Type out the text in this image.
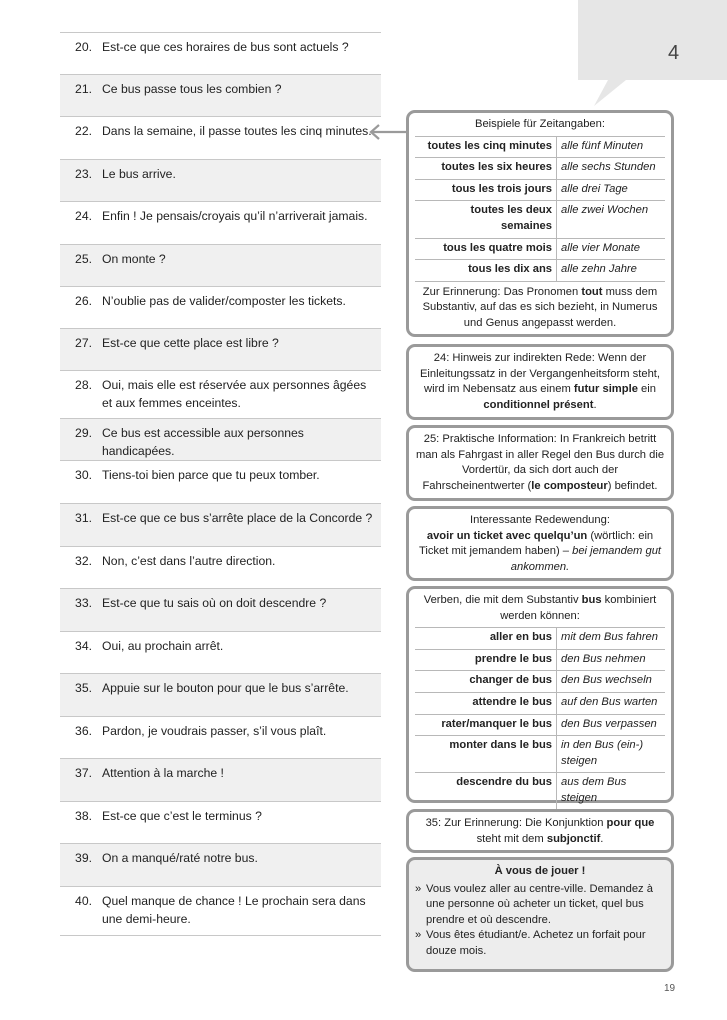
4
20. Est-ce que ces horaires de bus sont actuels ?
21. Ce bus passe tous les combien ?
22. Dans la semaine, il passe toutes les cinq minutes.
23. Le bus arrive.
24. Enfin ! Je pensais/croyais qu’il n’arriverait jamais.
25. On monte ?
26. N’oublie pas de valider/composter les tickets.
27. Est-ce que cette place est libre ?
28. Oui, mais elle est réservée aux personnes âgées et aux femmes enceintes.
29. Ce bus est accessible aux personnes handicapées.
30. Tiens-toi bien parce que tu peux tomber.
31. Est-ce que ce bus s’arrête place de la Concorde ?
32. Non, c’est dans l’autre direction.
33. Est-ce que tu sais où on doit descendre ?
34. Oui, au prochain arrêt.
35. Appuie sur le bouton pour que le bus s’arrête.
36. Pardon, je voudrais passer, s’il vous plaît.
37. Attention à la marche !
38. Est-ce que c’est le terminus ?
39. On a manqué/raté notre bus.
40. Quel manque de chance ! Le prochain sera dans une demi-heure.
Beispiele für Zeitangaben:
toutes les cinq minutes	alle fünf Minuten
toutes les six heures	alle sechs Stunden
tous les trois jours	alle drei Tage
toutes les deux semaines	alle zwei Wochen
tous les quatre mois	alle vier Monate
tous les dix ans	alle zehn Jahre
Zur Erinnerung: Das Pronomen tout muss dem Substantiv, auf das es sich bezieht, in Numerus und Genus angepasst werden.
24: Hinweis zur indirekten Rede: Wenn der Einleitungssatz in der Vergangenheitsform steht, wird im Nebensatz aus einem futur simple ein conditionnel présent.
25: Praktische Information: In Frankreich betritt man als Fahrgast in aller Regel den Bus durch die Vordertür, da sich dort auch der Fahrscheinentwerter (le composteur) befindet.
Interessante Redewendung:
avoir un ticket avec quelqu’un (wörtlich: ein Ticket mit jemandem haben) – bei jemandem gut ankommen.
Verben, die mit dem Substantiv bus kombiniert werden können:
aller en bus	mit dem Bus fahren
prendre le bus	den Bus nehmen
changer de bus	den Bus wechseln
attendre le bus	auf den Bus warten
rater/manquer le bus	den Bus verpassen
monter dans le bus	in den Bus (ein-) steigen
descendre du bus	aus dem Bus steigen
35: Zur Erinnerung: Die Konjunktion pour que steht mit dem subjonctif.
À vous de jouer !
» Vous voulez aller au centre-ville. Demandez à une personne où acheter un ticket, quel bus prendre et où descendre.
» Vous êtes étudiant/e. Achetez un forfait pour douze mois.
19
